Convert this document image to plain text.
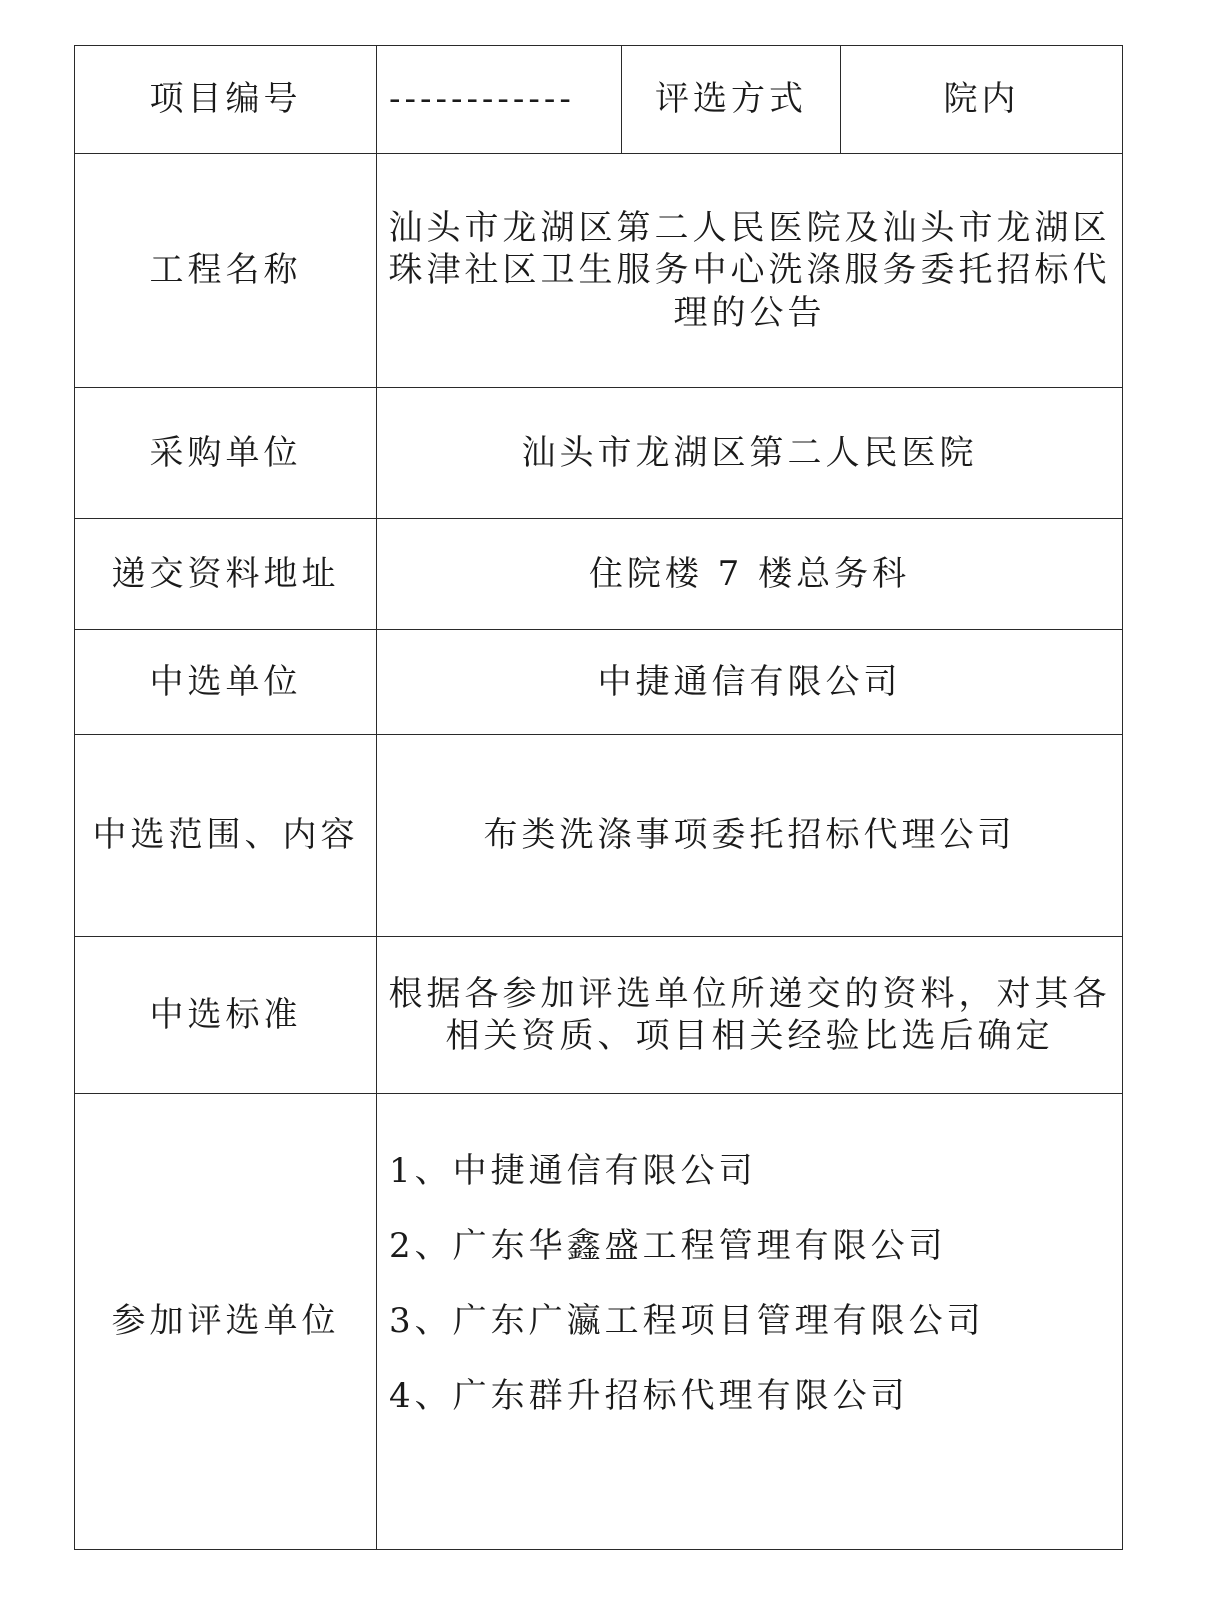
项目编号	------------	评选方式	院内
工程名称	汕头市龙湖区第二人民医院及汕头市龙湖区珠津社区卫生服务中心洗涤服务委托招标代理的公告		
采购单位	汕头市龙湖区第二人民医院		
递交资料地址	住院楼 7 楼总务科		
中选单位	中捷通信有限公司		
中选范围、内容	布类洗涤事项委托招标代理公司		
中选标准	根据各参加评选单位所递交的资料，对其各相关资质、项目相关经验比选后确定		
参加评选单位	1、中捷通信有限公司
2、广东华鑫盛工程管理有限公司
3、广东广瀛工程项目管理有限公司
4、广东群升招标代理有限公司		
